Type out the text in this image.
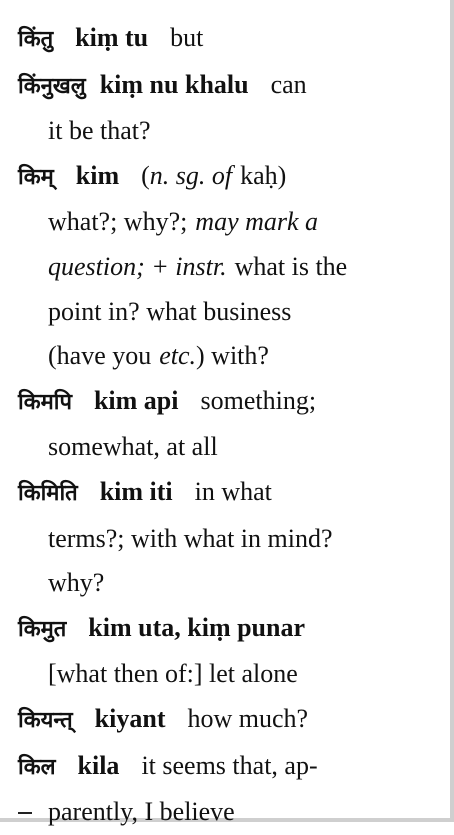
किंतु kiṃ tu but

किंनुखलु kiṃ nu khalu can
it be that?

किम् kim (n. sg. of kaḥ)
what?; why?; may mark a
question; + instr. what is the
point in? what business
(have you etc.) with?

किमपि kim api something;
somewhat, at all

किमिति kim iti in what
terms?; with what in mind?
why?

किमुत kim uta, kiṃ punar
[what then of:] let alone

कियन्त् kiyant how much?

किल kila it seems that, ap-
parently, I believe
